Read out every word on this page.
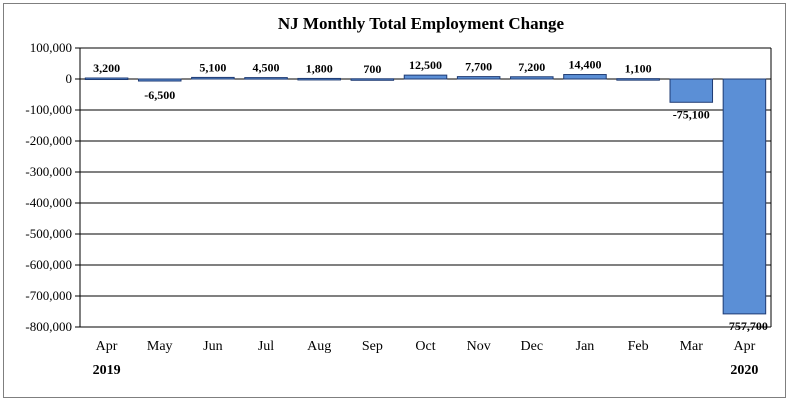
NJ Monthly Total Employment Change
100,000
0
-100,000
-200,000
-300,000
-400,000
-500,000
-600,000
-700,000
-800,000
3,200
-6,500
5,100 4,500 1,800	700 12,500 7,700 7,200 14,400 1,100
-75,100
-757,700
Apr May Jun	Jul Aug Sep Oct Nov Dec Jan Feb Mar Apr
2019	2020
